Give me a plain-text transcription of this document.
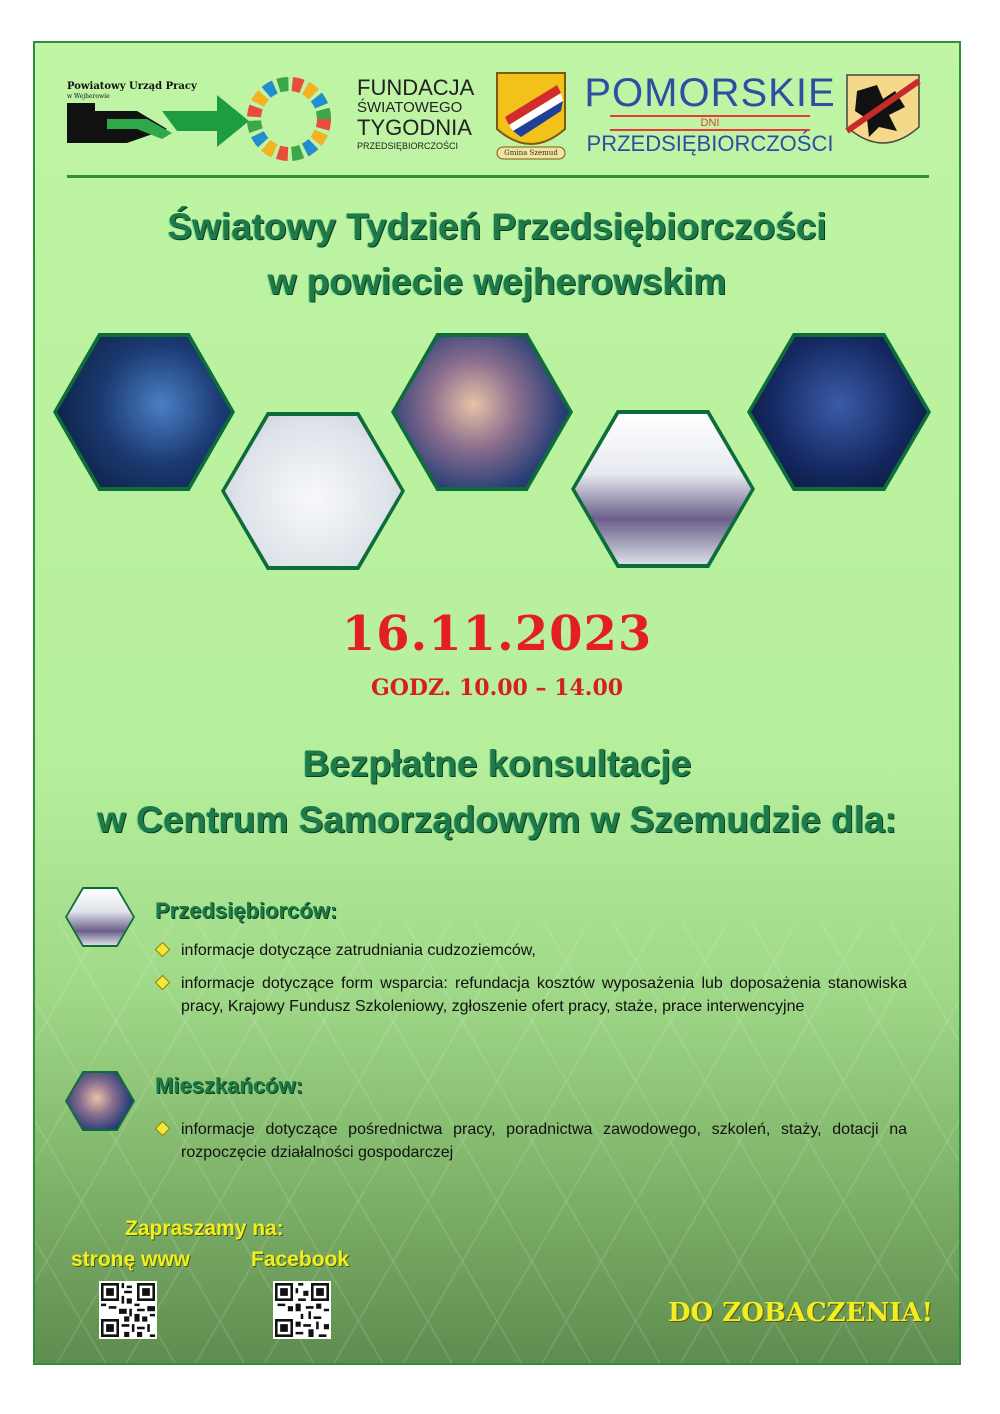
Powiatowy Urząd Pracy
w Wejherowie	FUNDACJA
ŚWIATOWEGO
TYGODNIA
PRZEDSIĘBIORCZOŚCI
Gmina Szemud
POMORSKIE
DNI
PRZEDSIĘBIORCZOŚCI
Światowy Tydzień Przedsiębiorczości
w powiecie wejherowskim
16.11.2023
GODZ. 10.00 – 14.00
Bezpłatne konsultacje
w Centrum Samorządowym w Szemudzie dla:
Przedsiębiorców:
informacje dotyczące zatrudniania cudzoziemców,
informacje dotyczące form wsparcia: refundacja kosztów wyposażenia lub doposażenia stanowiska pracy, Krajowy Fundusz Szkoleniowy, zgłoszenie ofert pracy, staże, prace interwencyjne
Mieszkańców:
informacje dotyczące pośrednictwa pracy, poradnictwa zawodowego, szkoleń, staży, dotacji na rozpoczęcie działalności gospodarczej
Zapraszamy na:
stronę www	Facebook
DO ZOBACZENIA!
